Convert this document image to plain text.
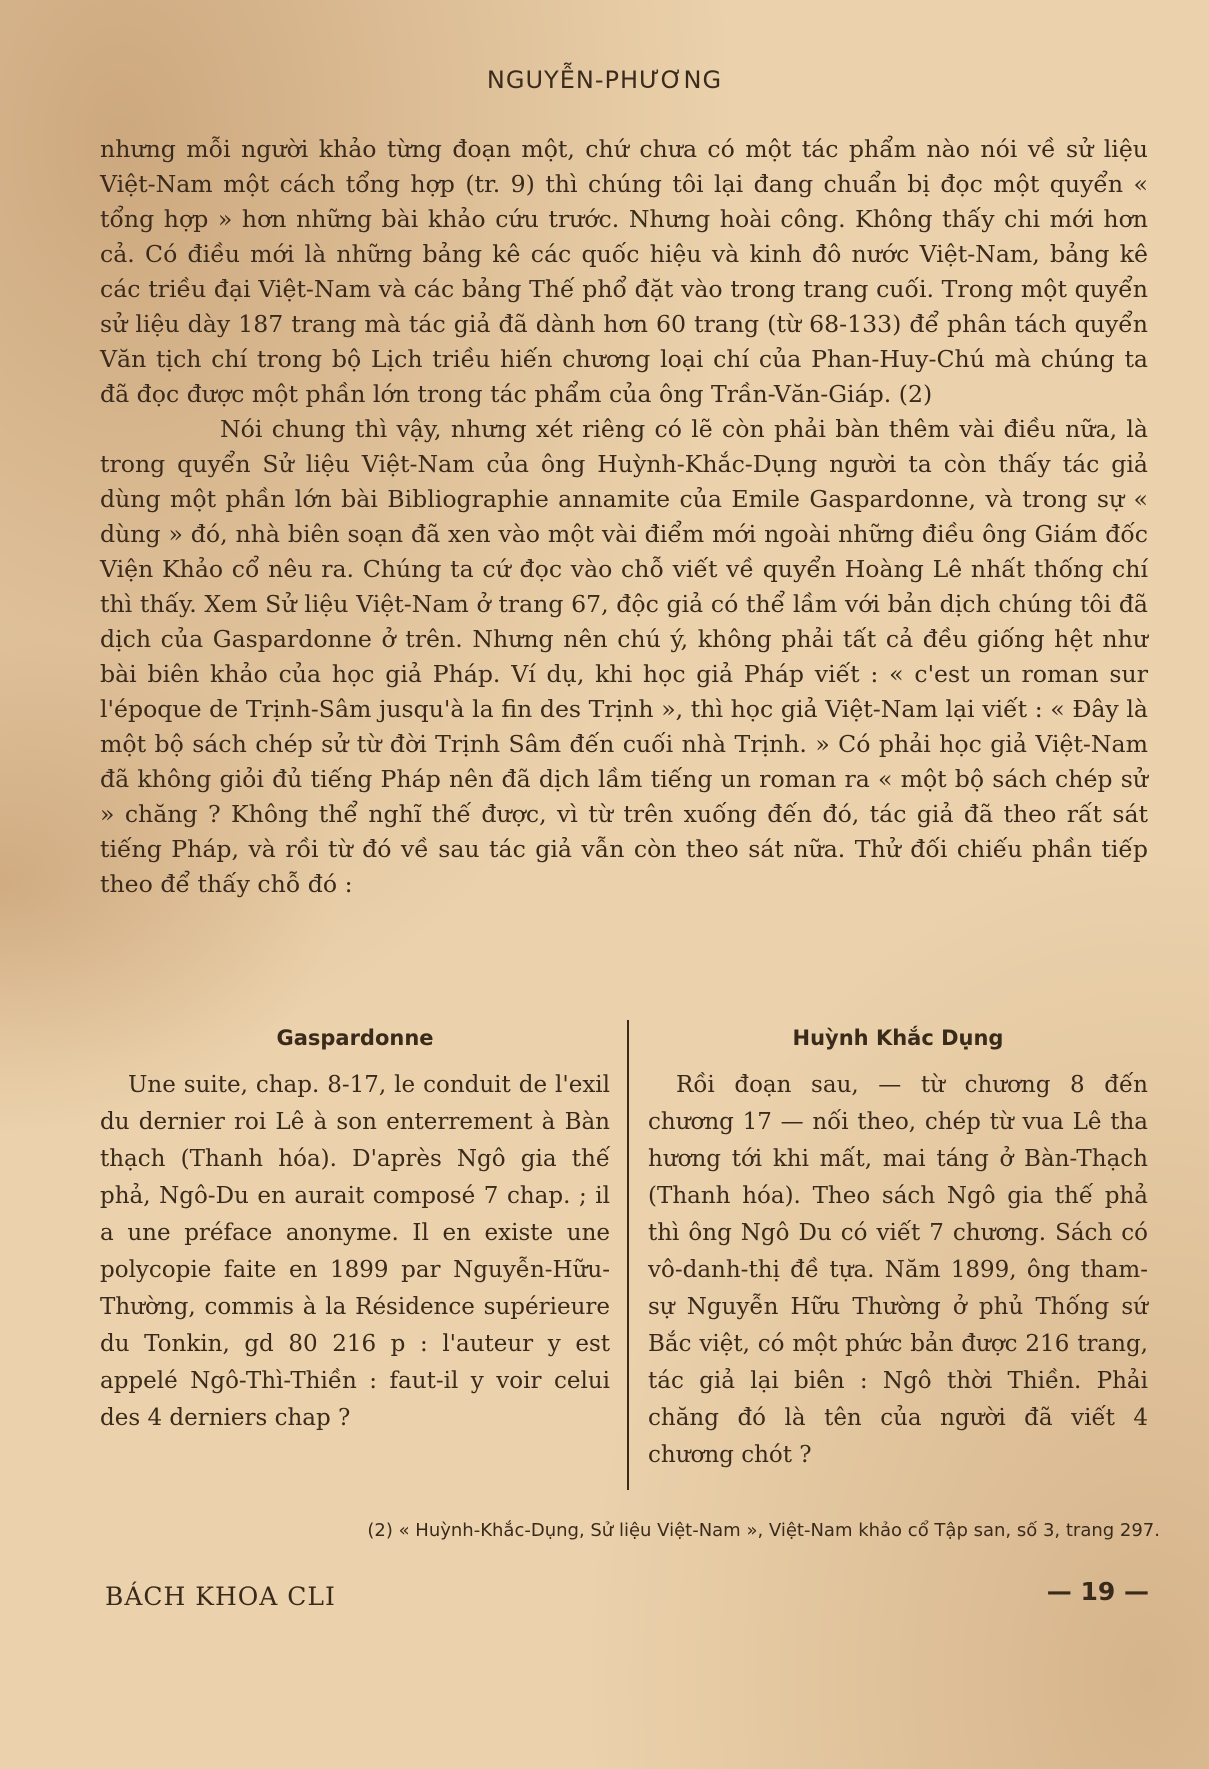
NGUYỄN-PHƯƠNG

nhưng mỗi người khảo từng đoạn một, chứ chưa có một tác phẩm nào nói về sử liệu Việt-Nam một cách tổng hợp (tr. 9) thì chúng tôi lại đang chuẩn bị đọc một quyển « tổng hợp » hơn những bài khảo cứu trước. Nhưng hoài công. Không thấy chi mới hơn cả. Có điều mới là những bảng kê các quốc hiệu và kinh đô nước Việt-Nam, bảng kê các triều đại Việt-Nam và các bảng Thế phổ đặt vào trong trang cuối. Trong một quyển sử liệu dày 187 trang mà tác giả đã dành hơn 60 trang (từ 68-133) để phân tách quyển Văn tịch chí trong bộ Lịch triều hiến chương loại chí của Phan-Huy-Chú mà chúng ta đã đọc được một phần lớn trong tác phẩm của ông Trần-Văn-Giáp. (2)

Nói chung thì vậy, nhưng xét riêng có lẽ còn phải bàn thêm vài điều nữa, là trong quyển Sử liệu Việt-Nam của ông Huỳnh-Khắc-Dụng người ta còn thấy tác giả dùng một phần lớn bài Bibliographie annamite của Emile Gaspardonne, và trong sự « dùng » đó, nhà biên soạn đã xen vào một vài điểm mới ngoài những điều ông Giám đốc Viện Khảo cổ nêu ra. Chúng ta cứ đọc vào chỗ viết về quyển Hoàng Lê nhất thống chí thì thấy. Xem Sử liệu Việt-Nam ở trang 67, độc giả có thể lầm với bản dịch chúng tôi đã dịch của Gaspardonne ở trên. Nhưng nên chú ý, không phải tất cả đều giống hệt như bài biên khảo của học giả Pháp. Ví dụ, khi học giả Pháp viết : « c'est un roman sur l'époque de Trịnh-Sâm jusqu'à la fin des Trịnh », thì học giả Việt-Nam lại viết : « Đây là một bộ sách chép sử từ đời Trịnh Sâm đến cuối nhà Trịnh. » Có phải học giả Việt-Nam đã không giỏi đủ tiếng Pháp nên đã dịch lầm tiếng un roman ra « một bộ sách chép sử » chăng ? Không thể nghĩ thế được, vì từ trên xuống đến đó, tác giả đã theo rất sát tiếng Pháp, và rồi từ đó về sau tác giả vẫn còn theo sát nữa. Thử đối chiếu phần tiếp theo để thấy chỗ đó :

Gaspardonne
Une suite, chap. 8-17, le conduit de l'exil du dernier roi Lê à son enterrement à Bàn thạch (Thanh hóa). D'après Ngô gia thế phả, Ngô-Du en aurait composé 7 chap. ; il a une préface anonyme. Il en existe une polycopie faite en 1899 par Nguyễn-Hữu-Thường, commis à la Résidence supérieure du Tonkin, gd 80 216 p : l'auteur y est appelé Ngô-Thì-Thiền : faut-il y voir celui des 4 derniers chap ?
Huỳnh Khắc Dụng
Rồi đoạn sau, — từ chương 8 đến chương 17 — nối theo, chép từ vua Lê tha hương tới khi mất, mai táng ở Bàn-Thạch (Thanh hóa). Theo sách Ngô gia thế phả thì ông Ngô Du có viết 7 chương. Sách có vô-danh-thị đề tựa. Năm 1899, ông tham-sự Nguyễn Hữu Thường ở phủ Thống sứ Bắc việt, có một phức bản được 216 trang, tác giả lại biên : Ngô thời Thiền. Phải chăng đó là tên của người đã viết 4 chương chót ?
(2) « Huỳnh-Khắc-Dụng, Sử liệu Việt-Nam », Việt-Nam khảo cổ Tập san, số 3, trang 297.
BÁCH KHOA CLI	— 19 —
